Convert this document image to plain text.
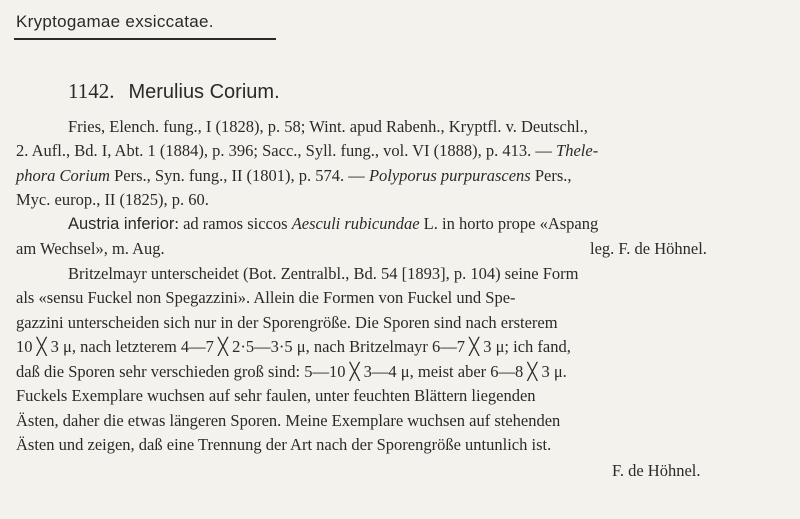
Kryptogamae exsiccatae.
1142. Merulius Corium.
Fries, Elench. fung., I (1828), p. 58; Wint. apud Rabenh., Kryptfl. v. Deutschl.,
2. Aufl., Bd. I, Abt. 1 (1884), p. 396; Sacc., Syll. fung., vol. VI (1888), p. 413. — Thele-
phora Corium Pers., Syn. fung., II (1801), p. 574. — Polyporus purpurascens Pers.,
Myc. europ., II (1825), p. 60.
Austria inferior: ad ramos siccos Aesculi rubicundae L. in horto prope «Aspang
am Wechsel», m. Aug.	leg. F. de Höhnel.
Britzelmayr unterscheidet (Bot. Zentralbl., Bd. 54 [1893], p. 104) seine Form
als «sensu Fuckel non Spegazzini». Allein die Formen von Fuckel und Spe-
gazzini unterscheiden sich nur in der Sporengröße. Die Sporen sind nach ersterem
10 ╳ 3 μ, nach letzterem 4—7 ╳ 2·5—3·5 μ, nach Britzelmayr 6—7 ╳ 3 μ; ich fand,
daß die Sporen sehr verschieden groß sind: 5—10 ╳ 3—4 μ, meist aber 6—8 ╳ 3 μ.
Fuckels Exemplare wuchsen auf sehr faulen, unter feuchten Blättern liegenden
Ästen, daher die etwas längeren Sporen. Meine Exemplare wuchsen auf stehenden
Ästen und zeigen, daß eine Trennung der Art nach der Sporengröße untunlich ist.
F. de Höhnel.
